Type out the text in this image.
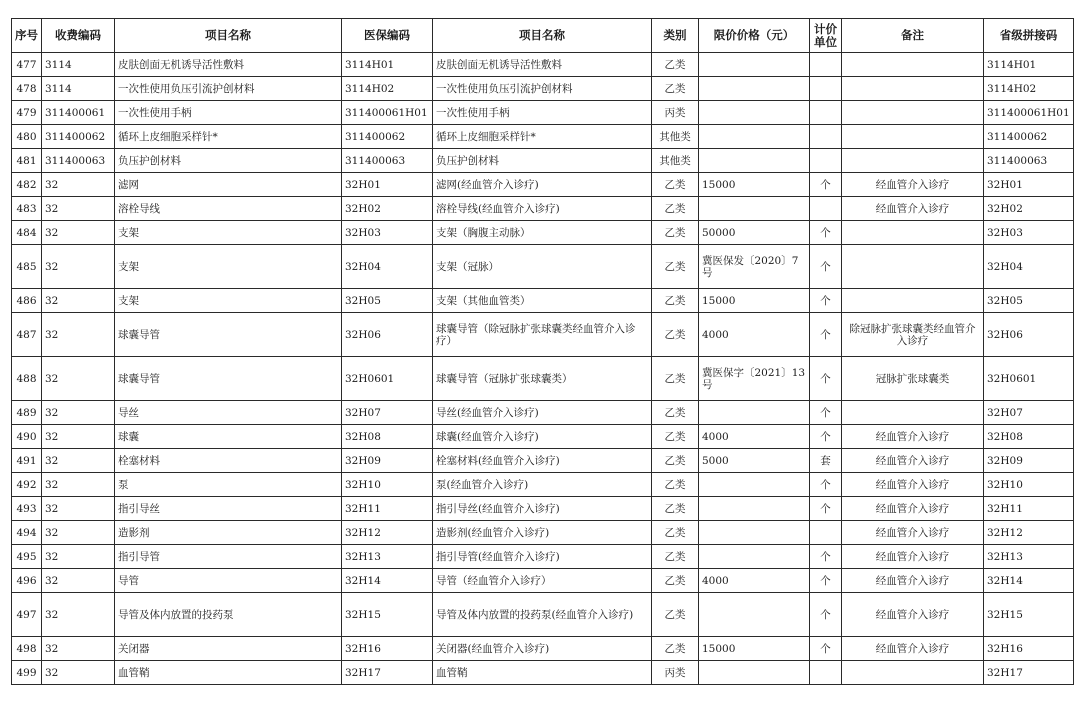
序号	收费编码	项目名称	医保编码	项目名称	类别	限价价格（元）	计价单位	备注	省级拼接码
477	3114	皮肤创面无机诱导活性敷料	3114H01	皮肤创面无机诱导活性敷料	乙类				3114H01
478	3114	一次性使用负压引流护创材料	3114H02	一次性使用负压引流护创材料	乙类				3114H02
479	311400061	一次性使用手柄	311400061H01	一次性使用手柄	丙类				311400061H01
480	311400062	循环上皮细胞采样针*	311400062	循环上皮细胞采样针*	其他类				311400062
481	311400063	负压护创材料	311400063	负压护创材料	其他类				311400063
482	32	滤网	32H01	滤网(经血管介入诊疗)	乙类	15000	个	经血管介入诊疗	32H01
483	32	溶栓导线	32H02	溶栓导线(经血管介入诊疗)	乙类			经血管介入诊疗	32H02
484	32	支架	32H03	支架（胸腹主动脉）	乙类	50000	个		32H03
485	32	支架	32H04	支架（冠脉）	乙类	冀医保发〔2020〕7号	个		32H04
486	32	支架	32H05	支架（其他血管类）	乙类	15000	个		32H05
487	32	球囊导管	32H06	球囊导管（除冠脉扩张球囊类经血管介入诊疗）	乙类	4000	个	除冠脉扩张球囊类经血管介入诊疗	32H06
488	32	球囊导管	32H0601	球囊导管（冠脉扩张球囊类）	乙类	冀医保字〔2021〕13号	个	冠脉扩张球囊类	32H0601
489	32	导丝	32H07	导丝(经血管介入诊疗)	乙类		个		32H07
490	32	球囊	32H08	球囊(经血管介入诊疗)	乙类	4000	个	经血管介入诊疗	32H08
491	32	栓塞材料	32H09	栓塞材料(经血管介入诊疗)	乙类	5000	套	经血管介入诊疗	32H09
492	32	泵	32H10	泵(经血管介入诊疗)	乙类		个	经血管介入诊疗	32H10
493	32	指引导丝	32H11	指引导丝(经血管介入诊疗)	乙类		个	经血管介入诊疗	32H11
494	32	造影剂	32H12	造影剂(经血管介入诊疗)	乙类			经血管介入诊疗	32H12
495	32	指引导管	32H13	指引导管(经血管介入诊疗)	乙类		个	经血管介入诊疗	32H13
496	32	导管	32H14	导管（经血管介入诊疗）	乙类	4000	个	经血管介入诊疗	32H14
497	32	导管及体内放置的投药泵	32H15	导管及体内放置的投药泵(经血管介入诊疗)	乙类		个	经血管介入诊疗	32H15
498	32	关闭器	32H16	关闭器(经血管介入诊疗)	乙类	15000	个	经血管介入诊疗	32H16
499	32	血管鞘	32H17	血管鞘	丙类				32H17
